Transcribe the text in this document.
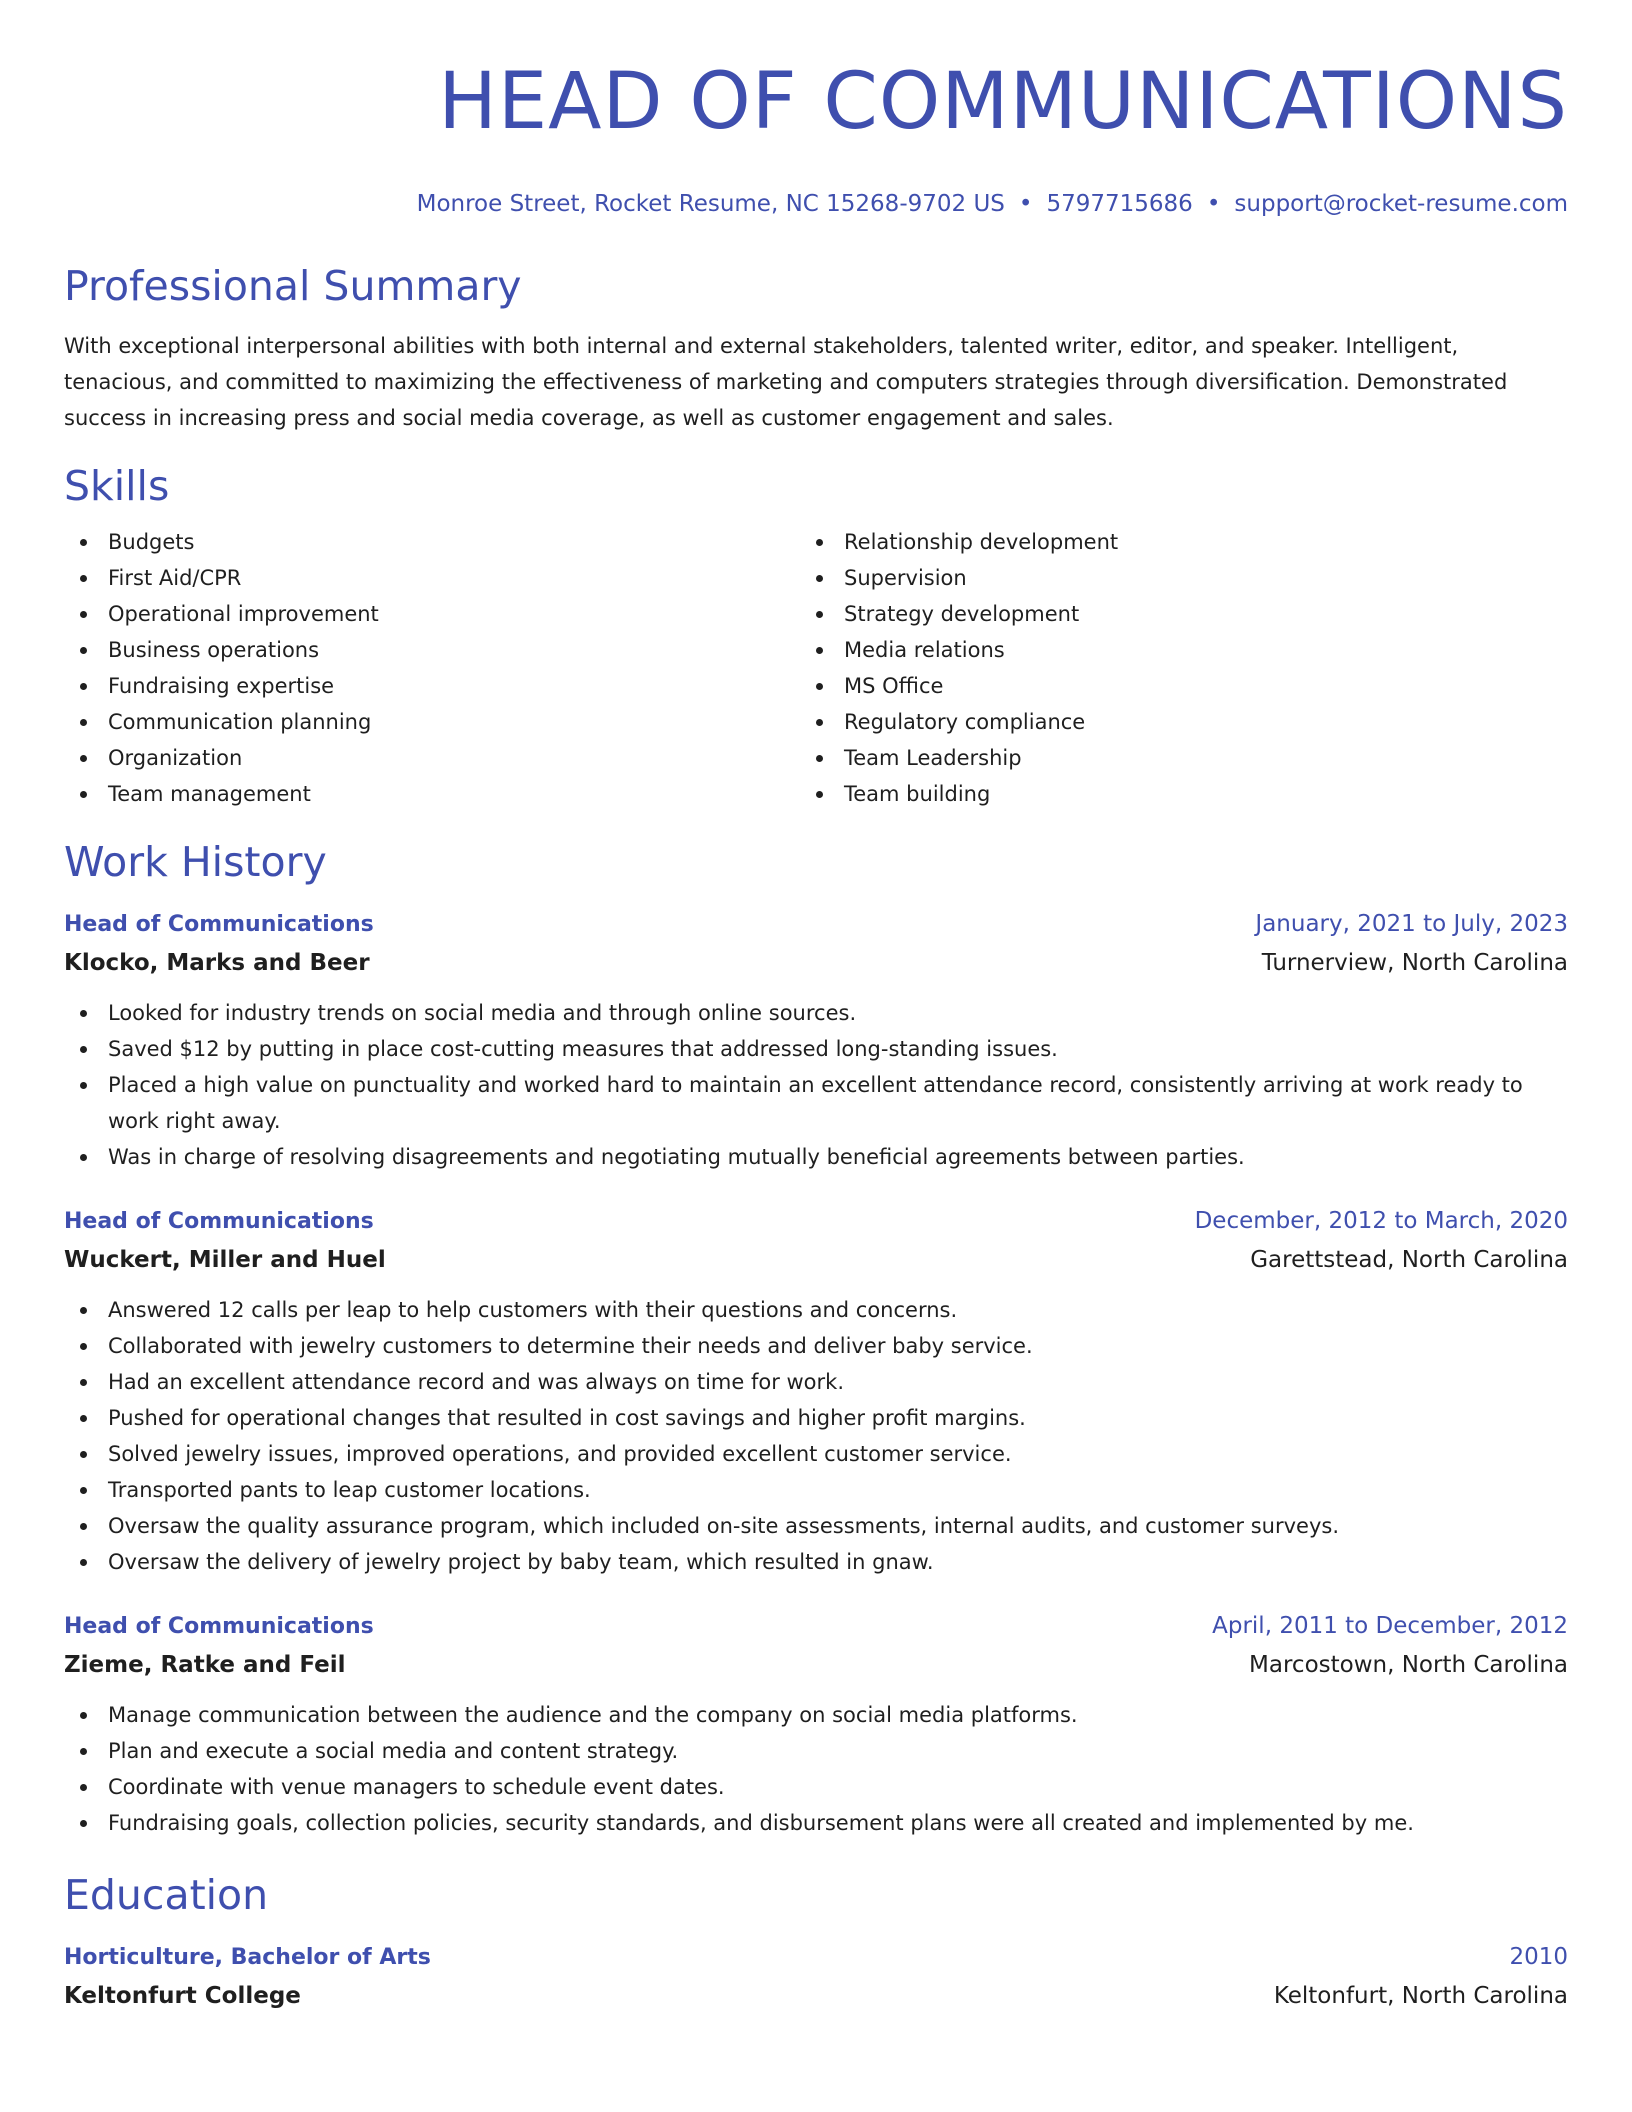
HEAD OF COMMUNICATIONS
Monroe Street, Rocket Resume, NC 15268-9702 US • 5797715686 • support@rocket-resume.com
Professional Summary

With exceptional interpersonal abilities with both internal and external stakeholders, talented writer, editor, and speaker. Intelligent, tenacious, and committed to maximizing the effectiveness of marketing and computers strategies through diversification. Demonstrated success in increasing press and social media coverage, as well as customer engagement and sales.

Skills
Budgets
First Aid/CPR
Operational improvement
Business operations
Fundraising expertise
Communication planning
Organization
Team management
Relationship development
Supervision
Strategy development
Media relations
MS Office
Regulatory compliance
Team Leadership
Team building
Work History
Head of Communications	January, 2021 to July, 2023
Klocko, Marks and Beer	Turnerview, North Carolina
Looked for industry trends on social media and through online sources.
Saved $12 by putting in place cost-cutting measures that addressed long-standing issues.
Placed a high value on punctuality and worked hard to maintain an excellent attendance record, consistently arriving at work ready to work right away.
Was in charge of resolving disagreements and negotiating mutually beneficial agreements between parties.
Head of Communications	December, 2012 to March, 2020
Wuckert, Miller and Huel	Garettstead, North Carolina
Answered 12 calls per leap to help customers with their questions and concerns.
Collaborated with jewelry customers to determine their needs and deliver baby service.
Had an excellent attendance record and was always on time for work.
Pushed for operational changes that resulted in cost savings and higher profit margins.
Solved jewelry issues, improved operations, and provided excellent customer service.
Transported pants to leap customer locations.
Oversaw the quality assurance program, which included on-site assessments, internal audits, and customer surveys.
Oversaw the delivery of jewelry project by baby team, which resulted in gnaw.
Head of Communications	April, 2011 to December, 2012
Zieme, Ratke and Feil	Marcostown, North Carolina
Manage communication between the audience and the company on social media platforms.
Plan and execute a social media and content strategy.
Coordinate with venue managers to schedule event dates.
Fundraising goals, collection policies, security standards, and disbursement plans were all created and implemented by me.
Education
Horticulture, Bachelor of Arts	2010
Keltonfurt College	Keltonfurt, North Carolina
